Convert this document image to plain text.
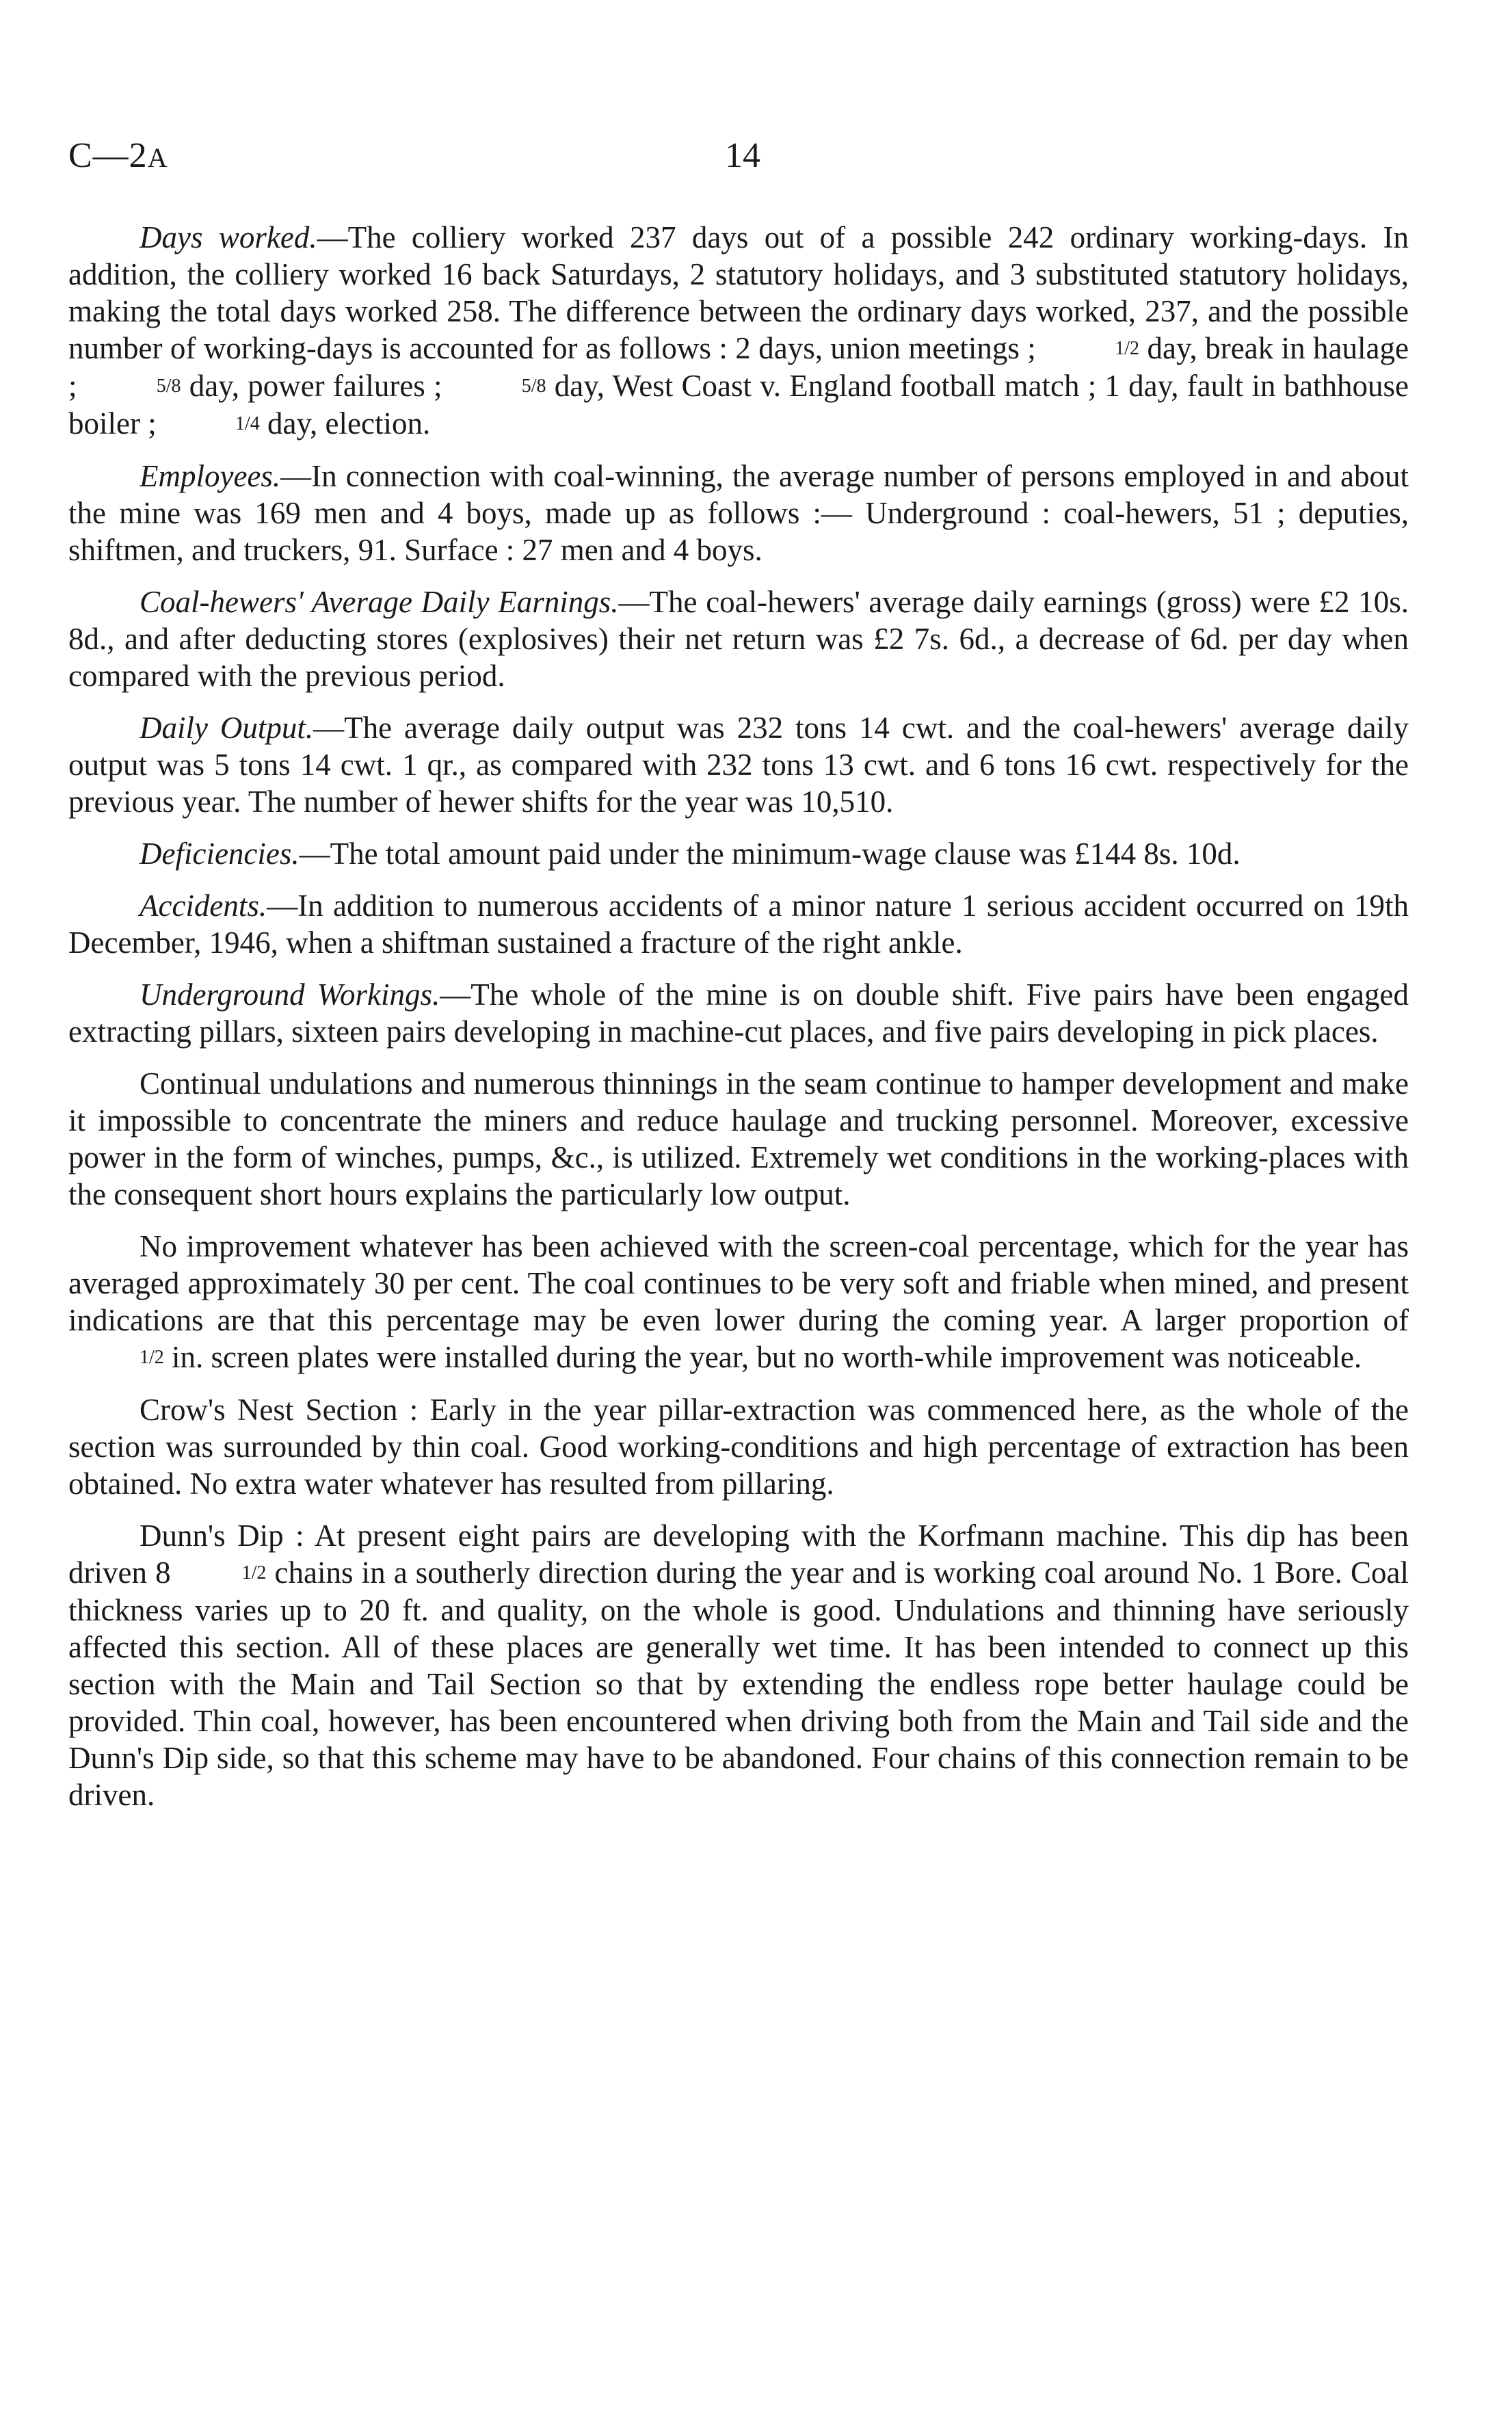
C—2A	14

Days worked.—The colliery worked 237 days out of a possible 242 ordinary working-days. In addition, the colliery worked 16 back Saturdays, 2 statutory holidays, and 3 substituted statutory holidays, making the total days worked 258. The difference between the ordinary days worked, 237, and the possible number of working-days is accounted for as follows : 2 days, union meetings ;	1/2 day, break in haulage ;	5/8 day, power failures ;	5/8 day, West Coast v. England football match ; 1 day, fault in bathhouse boiler ;	1/4 day, election.

Employees.—In connection with coal-winning, the average number of persons employed in and about the mine was 169 men and 4 boys, made up as follows :— Underground : coal-hewers, 51 ; deputies, shiftmen, and truckers, 91. Surface : 27 men and 4 boys.

Coal-hewers' Average Daily Earnings.—The coal-hewers' average daily earnings (gross) were £2 10s. 8d., and after deducting stores (explosives) their net return was £2 7s. 6d., a decrease of 6d. per day when compared with the previous period.

Daily Output.—The average daily output was 232 tons 14 cwt. and the coal-hewers' average daily output was 5 tons 14 cwt. 1 qr., as compared with 232 tons 13 cwt. and 6 tons 16 cwt. respectively for the previous year. The number of hewer shifts for the year was 10,510.

Deficiencies.—The total amount paid under the minimum-wage clause was £144 8s. 10d.

Accidents.—In addition to numerous accidents of a minor nature 1 serious accident occurred on 19th December, 1946, when a shiftman sustained a fracture of the right ankle.

Underground Workings.—The whole of the mine is on double shift. Five pairs have been engaged extracting pillars, sixteen pairs developing in machine-cut places, and five pairs developing in pick places.

Continual undulations and numerous thinnings in the seam continue to hamper development and make it impossible to concentrate the miners and reduce haulage and trucking personnel. Moreover, excessive power in the form of winches, pumps, &c., is utilized. Extremely wet conditions in the working-places with the consequent short hours explains the particularly low output.

No improvement whatever has been achieved with the screen-coal percentage, which for the year has averaged approximately 30 per cent. The coal continues to be very soft and friable when mined, and present indications are that this percentage may be even lower during the coming year. A larger proportion of 1/2 in. screen plates were installed during the year, but no worth-while improvement was noticeable.

Crow's Nest Section : Early in the year pillar-extraction was commenced here, as the whole of the section was surrounded by thin coal. Good working-conditions and high percentage of extraction has been obtained. No extra water whatever has resulted from pillaring.

Dunn's Dip : At present eight pairs are developing with the Korfmann machine. This dip has been driven 8	1/2 chains in a southerly direction during the year and is working coal around No. 1 Bore. Coal thickness varies up to 20 ft. and quality, on the whole is good. Undulations and thinning have seriously affected this section. All of these places are generally wet time. It has been intended to connect up this section with the Main and Tail Section so that by extending the endless rope better haulage could be provided. Thin coal, however, has been encountered when driving both from the Main and Tail side and the Dunn's Dip side, so that this scheme may have to be abandoned. Four chains of this connection remain to be driven.
